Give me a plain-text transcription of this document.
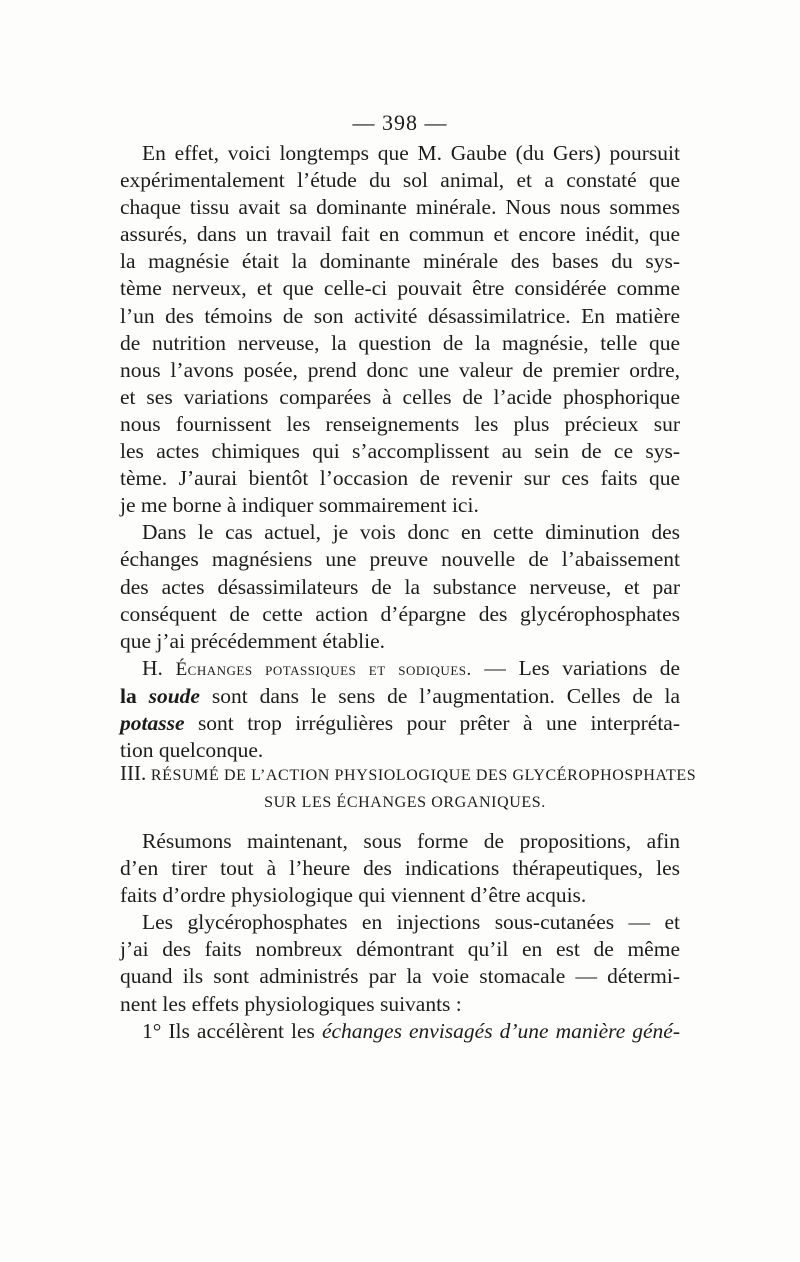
— 398 —

En effet, voici longtemps que M. Gaube (du Gers) poursuit
expérimentalement l’étude du sol animal, et a constaté que
chaque tissu avait sa dominante minérale. Nous nous sommes
assurés, dans un travail fait en commun et encore inédit, que
la magnésie était la dominante minérale des bases du sys-
tème nerveux, et que celle-ci pouvait être considérée comme
l’un des témoins de son activité désassimilatrice. En matière
de nutrition nerveuse, la question de la magnésie, telle que
nous l’avons posée, prend donc une valeur de premier ordre,
et ses variations comparées à celles de l’acide phosphorique
nous fournissent les renseignements les plus précieux sur
les actes chimiques qui s’accomplissent au sein de ce sys-
tème. J’aurai bientôt l’occasion de revenir sur ces faits que
je me borne à indiquer sommairement ici.

Dans le cas actuel, je vois donc en cette diminution des
échanges magnésiens une preuve nouvelle de l’abaissement
des actes désassimilateurs de la substance nerveuse, et par
conséquent de cette action d’épargne des glycérophosphates
que j’ai précédemment établie.

H. Échanges potassiques et sodiques. — Les variations de
la soude sont dans le sens de l’augmentation. Celles de la
potasse sont trop irrégulières pour prêter à une interpréta-
tion quelconque.

III. RÉSUMÉ DE L’ACTION PHYSIOLOGIQUE DES GLYCÉROPHOSPHATES
SUR LES ÉCHANGES ORGANIQUES.

Résumons maintenant, sous forme de propositions, afin
d’en tirer tout à l’heure des indications thérapeutiques, les
faits d’ordre physiologique qui viennent d’être acquis.

Les glycérophosphates en injections sous-cutanées — et
j’ai des faits nombreux démontrant qu’il en est de même
quand ils sont administrés par la voie stomacale — détermi-
nent les effets physiologiques suivants :

1° Ils accélèrent les échanges envisagés d’une manière géné-
